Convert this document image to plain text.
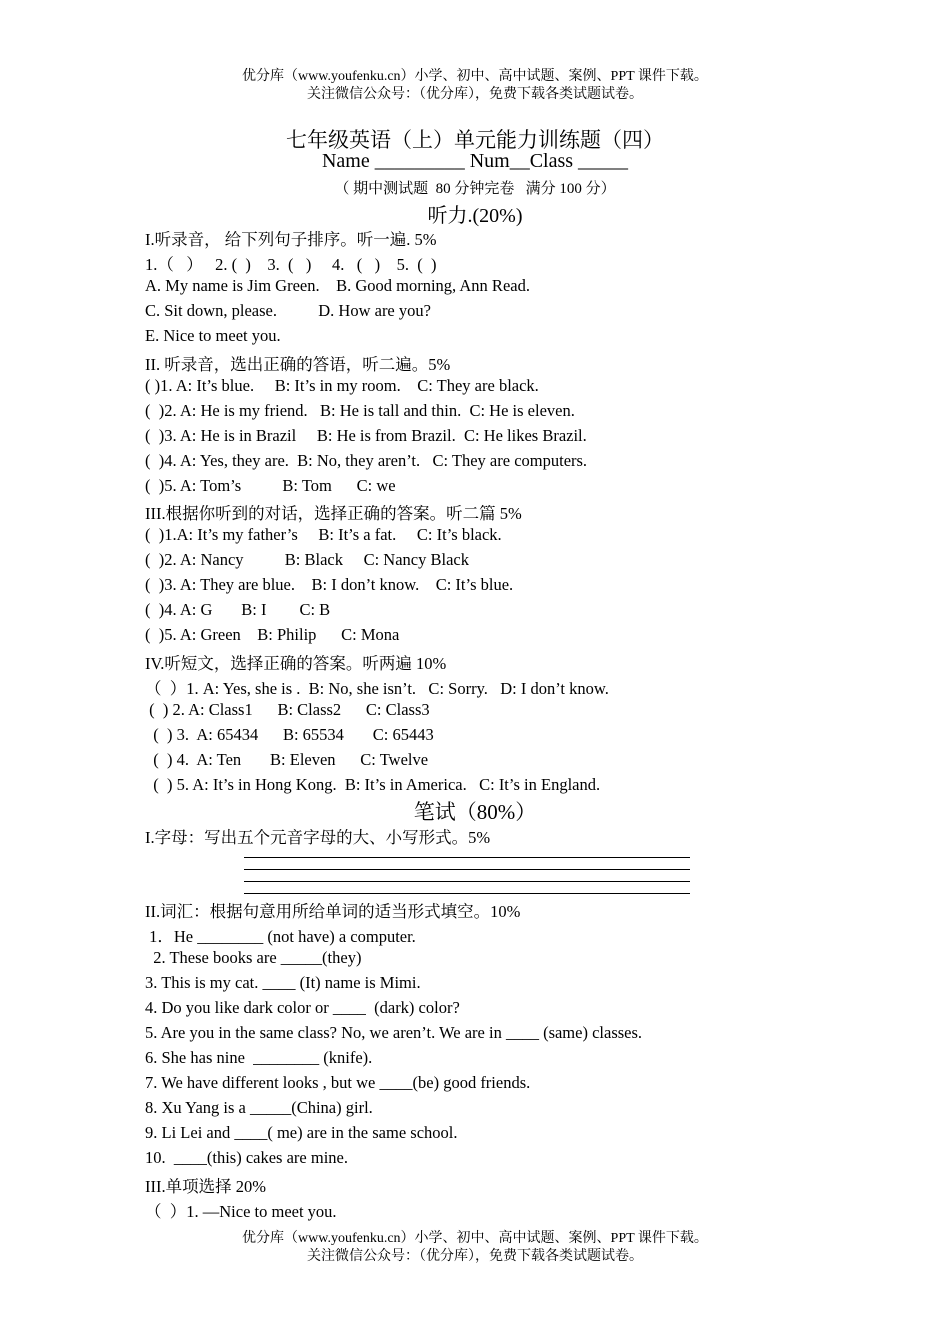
优分库（www.youfenku.cn）小学、初中、高中试题、案例、PPT 课件下载。
关注微信公众号：（优分库），免费下载各类试题试卷。
七年级英语（上）单元能力训练题（四）
Name _________ Num__Class _____
（ 期中测试题  80 分钟完卷   满分 100 分）
听力.(20%)
I.听录音， 给下列句子排序。听一遍. 5%
1.（   ）   2. (  )    3.  (   )     4.   (   )    5.  (  )
A. My name is Jim Green.    B. Good morning, Ann Read.
C. Sit down, please.          D. How are you?
E. Nice to meet you.
II. 听录音，选出正确的答语，听二遍。5%
( )1. A: It’s blue.     B: It’s in my room.    C: They are black.
(  )2. A: He is my friend.   B: He is tall and thin.  C: He is eleven.
(  )3. A: He is in Brazil     B: He is from Brazil.  C: He likes Brazil.
(  )4. A: Yes, they are.  B: No, they aren’t.   C: They are computers.
(  )5. A: Tom’s          B: Tom      C: we
III.根据你听到的对话，选择正确的答案。听二篇 5%
(  )1.A: It’s my father’s     B: It’s a fat.     C: It’s black.
(  )2. A: Nancy          B: Black     C: Nancy Black
(  )3. A: They are blue.    B: I don’t know.    C: It’s blue.
(  )4. A: G       B: I        C: B
(  )5. A: Green    B: Philip      C: Mona
IV.听短文，选择正确的答案。听两遍 10%
（  ）1. A: Yes, she is .  B: No, she isn’t.   C: Sorry.   D: I don’t know.
(  ) 2. A: Class1      B: Class2      C: Class3
(  ) 3.  A: 65434      B: 65534       C: 65443
(  ) 4.  A: Ten       B: Eleven      C: Twelve
(  ) 5. A: It’s in Hong Kong.  B: It’s in America.   C: It’s in England.
笔试（80%）
I.字母：写出五个元音字母的大、小写形式。5%
II.词汇：根据句意用所给单词的适当形式填空。10%
1．He ________ (not have) a computer.
2. These books are _____(they)
3. This is my cat. ____ (It) name is Mimi.
4. Do you like dark color or ____  (dark) color?
5. Are you in the same class? No, we aren’t. We are in ____ (same) classes.
6. She has nine  ________ (knife).
7. We have different looks , but we ____(be) good friends.
8. Xu Yang is a _____(China) girl.
9. Li Lei and ____( me) are in the same school.
10.  ____(this) cakes are mine.
III.单项选择 20%
（  ）1. —Nice to meet you.
优分库（www.youfenku.cn）小学、初中、高中试题、案例、PPT 课件下载。
关注微信公众号：（优分库），免费下载各类试题试卷。
